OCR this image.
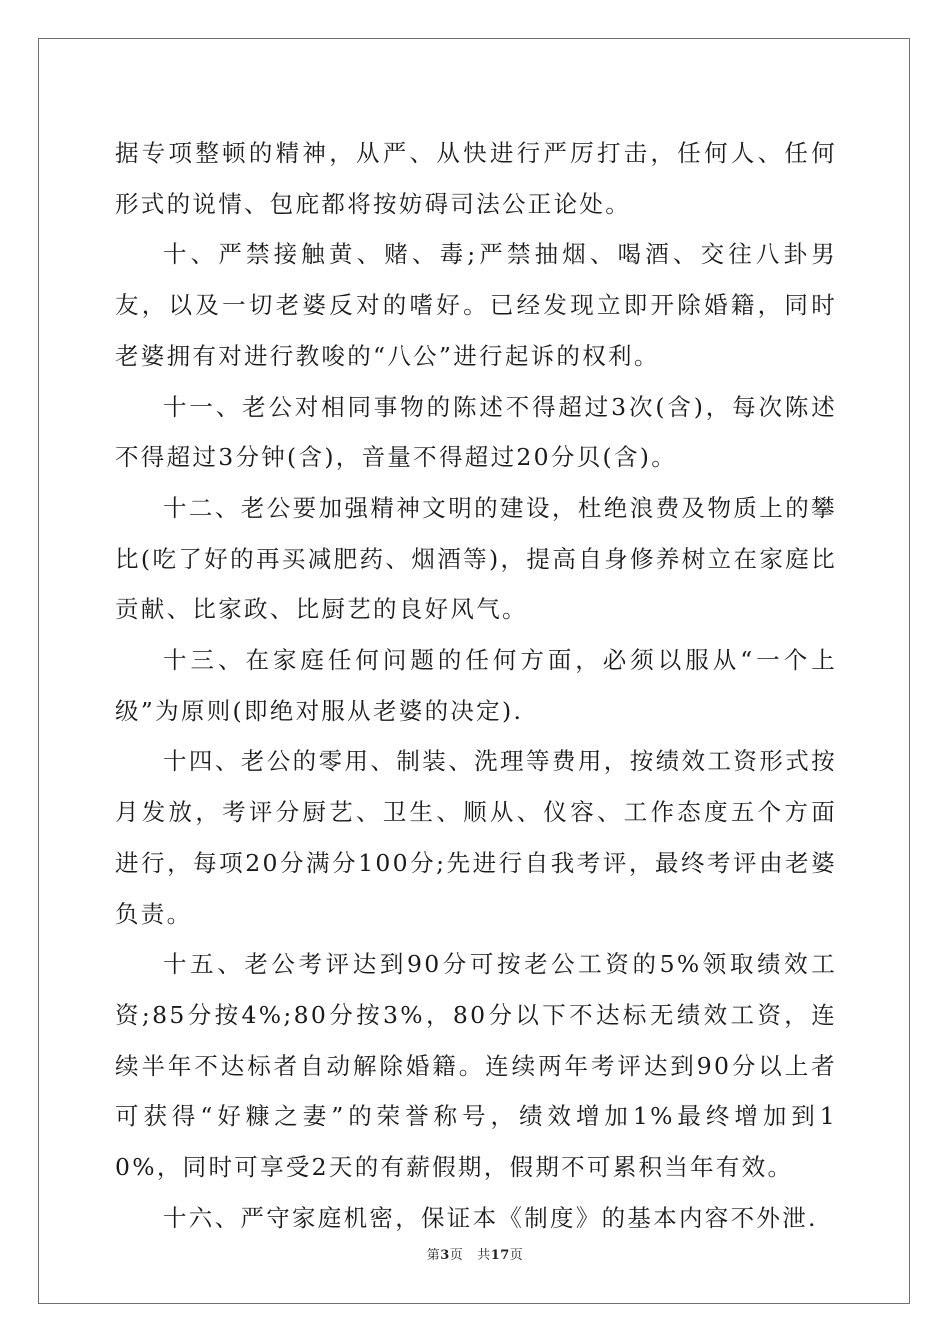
据专项整顿的精神，从严、从快进行严厉打击，任何人、任何形式的说情、包庇都将按妨碍司法公正论处。

十、严禁接触黄、赌、毒;严禁抽烟、喝酒、交往八卦男友，以及一切老婆反对的嗜好。已经发现立即开除婚籍，同时老婆拥有对进行教唆的“八公”进行起诉的权利。

十一、老公对相同事物的陈述不得超过3次(含)，每次陈述不得超过3分钟(含)，音量不得超过20分贝(含)。

十二、老公要加强精神文明的建设，杜绝浪费及物质上的攀比(吃了好的再买减肥药、烟酒等)，提高自身修养树立在家庭比贡献、比家政、比厨艺的良好风气。

十三、在家庭任何问题的任何方面，必须以服从“一个上级”为原则(即绝对服从老婆的决定).

十四、老公的零用、制装、洗理等费用，按绩效工资形式按月发放，考评分厨艺、卫生、顺从、仪容、工作态度五个方面进行，每项20分满分100分;先进行自我考评，最终考评由老婆负责。

十五、老公考评达到90分可按老公工资的5%领取绩效工资;85分按4%;80分按3%，80分以下不达标无绩效工资，连续半年不达标者自动解除婚籍。连续两年考评达到90分以上者可获得“好糠之妻”的荣誉称号，绩效增加1%最终增加到10%，同时可享受2天的有薪假期，假期不可累积当年有效。

十六、严守家庭机密，保证本《制度》的基本内容不外泄.

第3页 共17页
